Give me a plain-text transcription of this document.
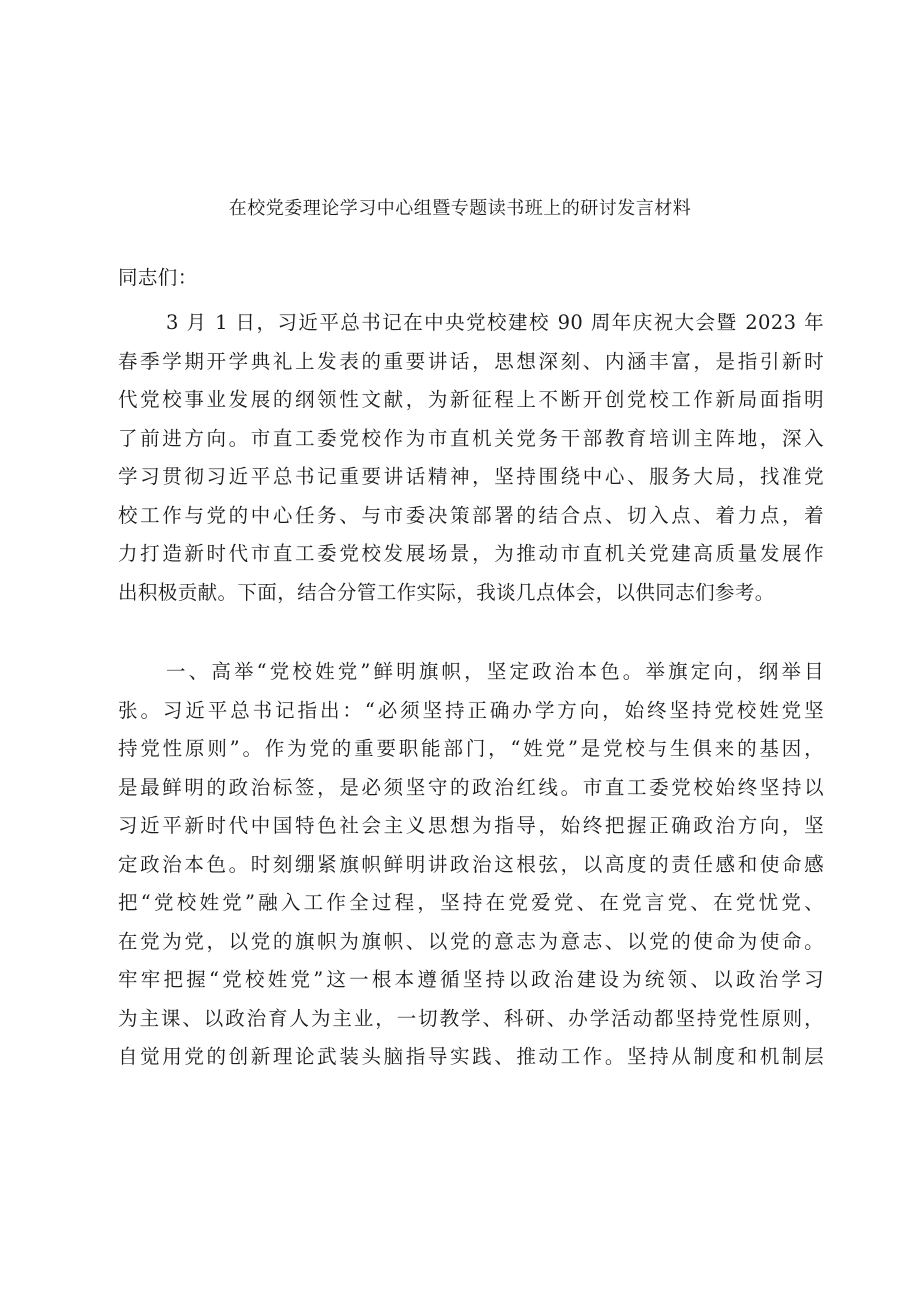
在校党委理论学习中心组暨专题读书班上的研讨发言材料
同志们：
3 月 1 日，习近平总书记在中央党校建校 90 周年庆祝大会暨 2023 年
春季学期开学典礼上发表的重要讲话，思想深刻、内涵丰富，是指引新时
代党校事业发展的纲领性文献，为新征程上不断开创党校工作新局面指明
了前进方向。市直工委党校作为市直机关党务干部教育培训主阵地，深入
学习贯彻习近平总书记重要讲话精神，坚持围绕中心、服务大局，找准党
校工作与党的中心任务、与市委决策部署的结合点、切入点、着力点，着
力打造新时代市直工委党校发展场景，为推动市直机关党建高质量发展作
出积极贡献。下面，结合分管工作实际，我谈几点体会，以供同志们参考。
一、高举“党校姓党”鲜明旗帜，坚定政治本色。举旗定向，纲举目
张。习近平总书记指出：“必须坚持正确办学方向，始终坚持党校姓党坚
持党性原则”。作为党的重要职能部门，“姓党”是党校与生俱来的基因，
是最鲜明的政治标签，是必须坚守的政治红线。市直工委党校始终坚持以
习近平新时代中国特色社会主义思想为指导，始终把握正确政治方向，坚
定政治本色。时刻绷紧旗帜鲜明讲政治这根弦，以高度的责任感和使命感
把“党校姓党”融入工作全过程，坚持在党爱党、在党言党、在党忧党、
在党为党，以党的旗帜为旗帜、以党的意志为意志、以党的使命为使命。
牢牢把握“党校姓党”这一根本遵循坚持以政治建设为统领、以政治学习
为主课、以政治育人为主业，一切教学、科研、办学活动都坚持党性原则，
自觉用党的创新理论武装头脑指导实践、推动工作。坚持从制度和机制层
